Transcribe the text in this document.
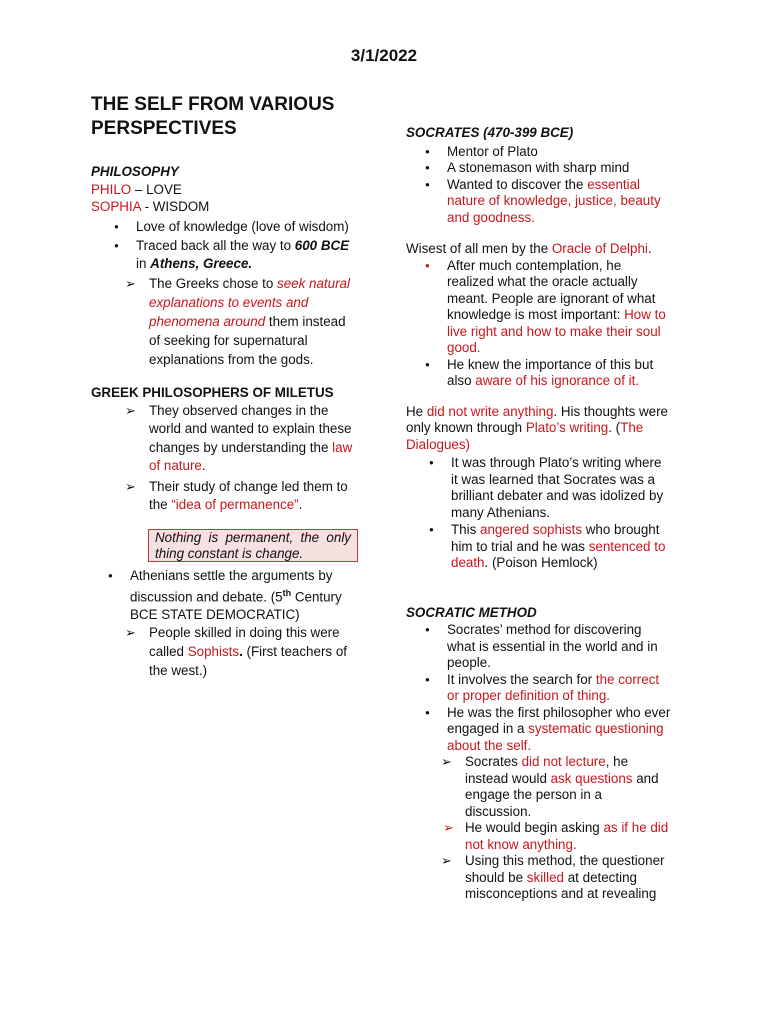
3/1/2022
THE SELF FROM VARIOUS
PERSPECTIVES
PHILOSOPHY
PHILO – LOVE
SOPHIA - WISDOM
● Love of knowledge (love of wisdom)
● Traced back all the way to 600 BCE
in Athens, Greece.
➢ The Greeks chose to seek natural
explanations to events and
phenomena around them instead
of seeking for supernatural
explanations from the gods.
GREEK PHILOSOPHERS OF MILETUS
➢ They observed changes in the
world and wanted to explain these
changes by understanding the law
of nature.
➢ Their study of change led them to
the “idea of permanence”.
Nothing is permanent, the only thing constant is change.
● Athenians settle the arguments by
discussion and debate. (5th Century
BCE STATE DEMOCRATIC)
➢ People skilled in doing this were
called Sophists. (First teachers of
the west.)
SOCRATES (470-399 BCE)
● Mentor of Plato
● A stonemason with sharp mind
● Wanted to discover the essential
nature of knowledge, justice, beauty
and goodness.
Wisest of all men by the Oracle of Delphi.
● After much contemplation, he
realized what the oracle actually
meant. People are ignorant of what
knowledge is most important: How to
live right and how to make their soul
good.
● He knew the importance of this but
also aware of his ignorance of it.
He did not write anything. His thoughts were
only known through Plato’s writing. (The
Dialogues)
● It was through Plato’s writing where
it was learned that Socrates was a
brilliant debater and was idolized by
many Athenians.
● This angered sophists who brought
him to trial and he was sentenced to
death. (Poison Hemlock)
SOCRATIC METHOD
● Socrates’ method for discovering
what is essential in the world and in
people.
● It involves the search for the correct
or proper definition of thing.
● He was the first philosopher who ever
engaged in a systematic questioning
about the self.
➢ Socrates did not lecture, he
instead would ask questions and
engage the person in a
discussion.
➢ He would begin asking as if he did
not know anything.
➢ Using this method, the questioner
should be skilled at detecting
misconceptions and at revealing
